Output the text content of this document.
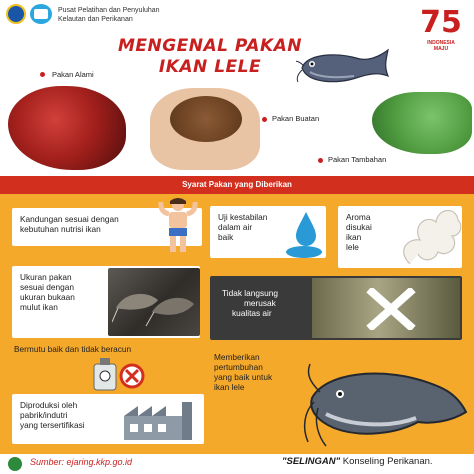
Pusat Pelatihan dan Penyuluhan
Kelautan dan Perikanan	75
INDONESIA
MAJU
MENGENAL PAKAN
IKAN LELE
Pakan Alami
Pakan Buatan
Pakan Tambahan
Syarat Pakan yang Diberikan
Kandungan sesuai dengan
kebutuhan nutrisi ikan
Uji kestabilan
dalam air
baik
Aroma
disukai
ikan
lele
Ukuran pakan
sesuai dengan
ukuran bukaan
mulut ikan
Tidak langsung
merusak
kualitas air
Bermutu baik dan tidak beracun
Memberikan
pertumbuhan
yang baik untuk
ikan lele
Diproduksi oleh
pabrik/indutri
yang tersertifikasi
Sumber: ejaring.kkp.go.id	"SELINGAN" Konseling Perikanan.
